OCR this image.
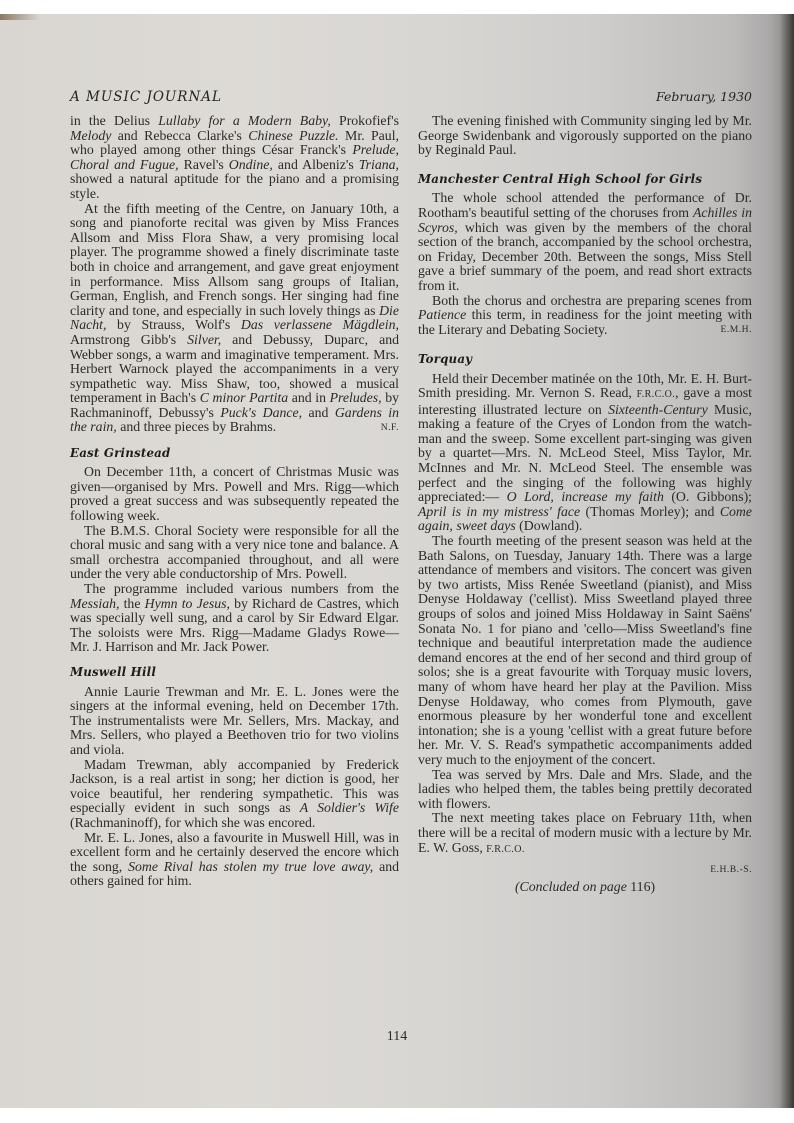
A MUSIC JOURNAL	February, 1930

in the Delius Lullaby for a Modern Baby, Prokofief's Melody and Rebecca Clarke's Chinese Puzzle. Mr. Paul, who played among other things César Franck's Prelude, Choral and Fugue, Ravel's Ondine, and Albeniz's Triana, showed a natural aptitude for the piano and a promising style.

At the fifth meeting of the Centre, on January 10th, a song and pianoforte recital was given by Miss Frances Allsom and Miss Flora Shaw, a very promising local player. The programme showed a finely discriminate taste both in choice and arrangement, and gave great enjoyment in performance. Miss Allsom sang groups of Italian, German, English, and French songs. Her singing had fine clarity and tone, and especially in such lovely things as Die Nacht, by Strauss, Wolf's Das verlassene Mägdlein, Armstrong Gibb's Silver, and Debussy, Duparc, and Webber songs, a warm and imaginative temperament. Mrs. Herbert Warnock played the accompaniments in a very sympathetic way. Miss Shaw, too, showed a musical temperament in Bach's C minor Partita and in Preludes, by Rachmaninoff, Debussy's Puck's Dance, and Gardens in the rain, and three pieces by Brahms.	N.F.
East Grinstead

On December 11th, a concert of Christmas Music was given—organised by Mrs. Powell and Mrs. Rigg—which proved a great success and was subsequently repeated the following week.

The B.M.S. Choral Society were responsible for all the choral music and sang with a very nice tone and balance. A small orchestra accompanied throughout, and all were under the very able conductorship of Mrs. Powell.

The programme included various numbers from the Messiah, the Hymn to Jesus, by Richard de Castres, which was specially well sung, and a carol by Sir Edward Elgar. The soloists were Mrs. Rigg—Madame Gladys Rowe—Mr. J. Harrison and Mr. Jack Power.

Muswell Hill

Annie Laurie Trewman and Mr. E. L. Jones were the singers at the informal evening, held on December 17th. The instrumentalists were Mr. Sellers, Mrs. Mackay, and Mrs. Sellers, who played a Beethoven trio for two violins and viola.

Madam Trewman, ably accompanied by Frederick Jackson, is a real artist in song; her diction is good, her voice beautiful, her rendering sympathetic. This was especially evident in such songs as A Soldier's Wife (Rachmaninoff), for which she was encored.

Mr. E. L. Jones, also a favourite in Muswell Hill, was in excellent form and he certainly deserved the encore which the song, Some Rival has stolen my true love away, and others gained for him.

The evening finished with Community singing led by Mr. George Swidenbank and vigorously supported on the piano by Reginald Paul.

Manchester Central High School for Girls

The whole school attended the performance of Dr. Rootham's beautiful setting of the choruses from Achilles in Scyros, which was given by the members of the choral section of the branch, accompanied by the school orchestra, on Friday, December 20th. Between the songs, Miss Stell gave a brief summary of the poem, and read short extracts from it.

Both the chorus and orchestra are preparing scenes from Patience this term, in readiness for the joint meeting with the Literary and Debating Society.	E.M.H.
Torquay

Held their December matinée on the 10th, Mr. E. H. Burt-Smith presiding. Mr. Vernon S. Read, F.R.C.O., gave a most interesting illustrated lecture on Sixteenth-Century Music, making a feature of the Cryes of London from the watchman and the sweep. Some excellent part-singing was given by a quartet—Mrs. N. McLeod Steel, Miss Taylor, Mr. McInnes and Mr. N. McLeod Steel. The ensemble was perfect and the singing of the following was highly appreciated:— O Lord, increase my faith (O. Gibbons); April is in my mistress' face (Thomas Morley); and Come again, sweet days (Dowland).

The fourth meeting of the present season was held at the Bath Salons, on Tuesday, January 14th. There was a large attendance of members and visitors. The concert was given by two artists, Miss Renée Sweetland (pianist), and Miss Denyse Holdaway ('cellist). Miss Sweetland played three groups of solos and joined Miss Holdaway in Saint Saëns' Sonata No. 1 for piano and 'cello—Miss Sweetland's fine technique and beautiful interpretation made the audience demand encores at the end of her second and third group of solos; she is a great favourite with Torquay music lovers, many of whom have heard her play at the Pavilion. Miss Denyse Holdaway, who comes from Plymouth, gave enormous pleasure by her wonderful tone and excellent intonation; she is a young 'cellist with a great future before her. Mr. V. S. Read's sympathetic accompaniments added very much to the enjoyment of the concert.

Tea was served by Mrs. Dale and Mrs. Slade, and the ladies who helped them, the tables being prettily decorated with flowers.

The next meeting takes place on February 11th, when there will be a recital of modern music with a lecture by Mr. E. W. Goss, F.R.C.O.

E.H.B.-S.
(Concluded on page 116)
114
